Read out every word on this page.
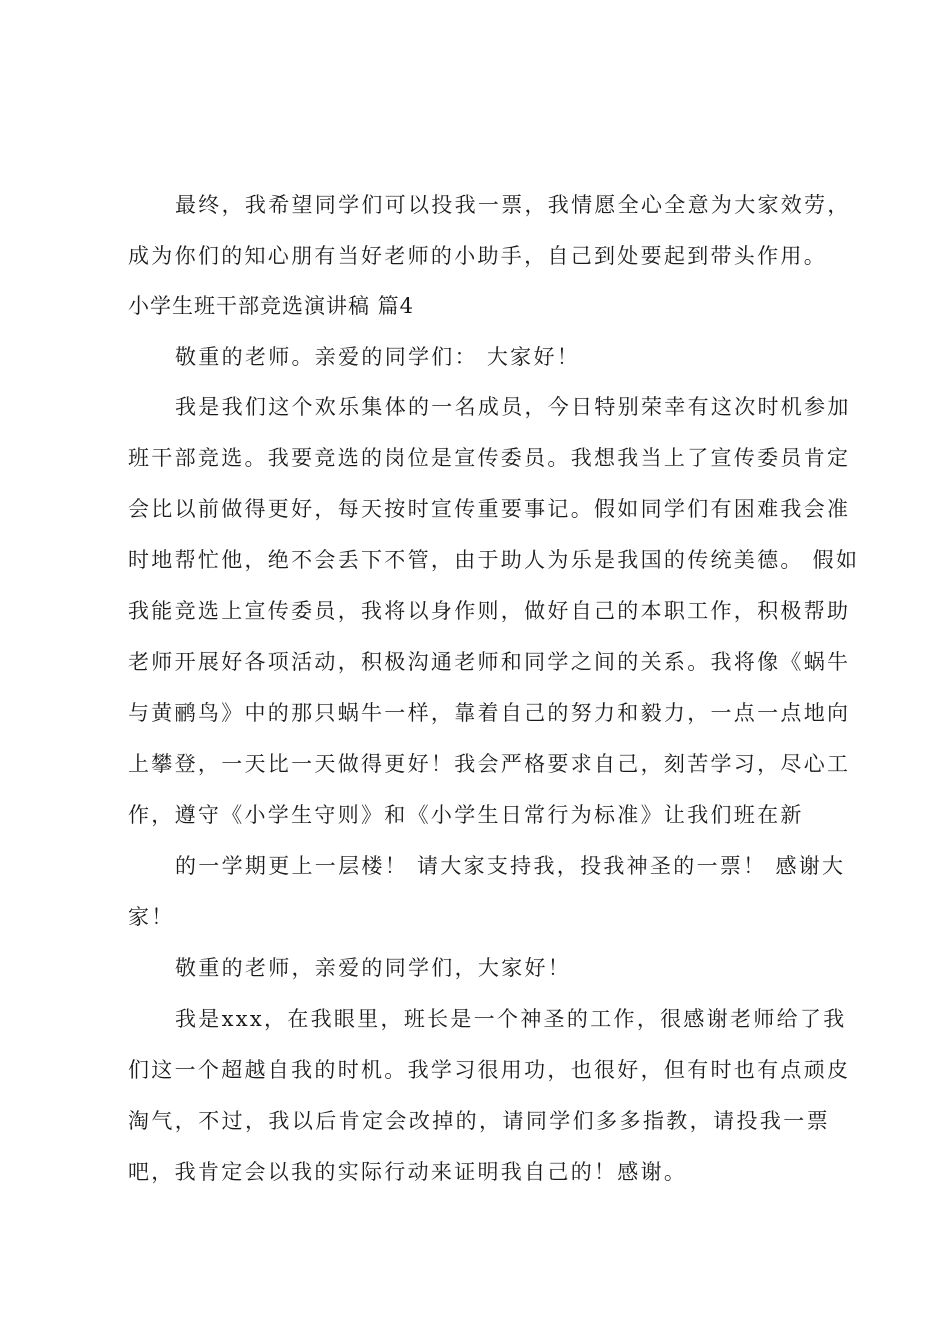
最终，我希望同学们可以投我一票，我情愿全心全意为大家效劳，
成为你们的知心朋有当好老师的小助手，自己到处要起到带头作用。
小学生班干部竞选演讲稿 篇4
敬重的老师。亲爱的同学们： 大家好！
我是我们这个欢乐集体的一名成员，今日特别荣幸有这次时机参加
班干部竞选。我要竞选的岗位是宣传委员。我想我当上了宣传委员肯定
会比以前做得更好，每天按时宣传重要事记。假如同学们有困难我会准
时地帮忙他，绝不会丢下不管，由于助人为乐是我国的传统美德。 假如
我能竞选上宣传委员，我将以身作则，做好自己的本职工作，积极帮助
老师开展好各项活动，积极沟通老师和同学之间的关系。我将像《蜗牛
与黄鹂鸟》中的那只蜗牛一样，靠着自己的努力和毅力，一点一点地向
上攀登，一天比一天做得更好！我会严格要求自己，刻苦学习，尽心工
作，遵守《小学生守则》和《小学生日常行为标准》让我们班在新
的一学期更上一层楼！ 请大家支持我，投我神圣的一票！ 感谢大
家！
敬重的老师，亲爱的同学们，大家好！
我是xxx，在我眼里，班长是一个神圣的工作，很感谢老师给了我
们这一个超越自我的时机。我学习很用功，也很好，但有时也有点顽皮
淘气，不过，我以后肯定会改掉的，请同学们多多指教，请投我一票
吧，我肯定会以我的实际行动来证明我自己的！感谢。
